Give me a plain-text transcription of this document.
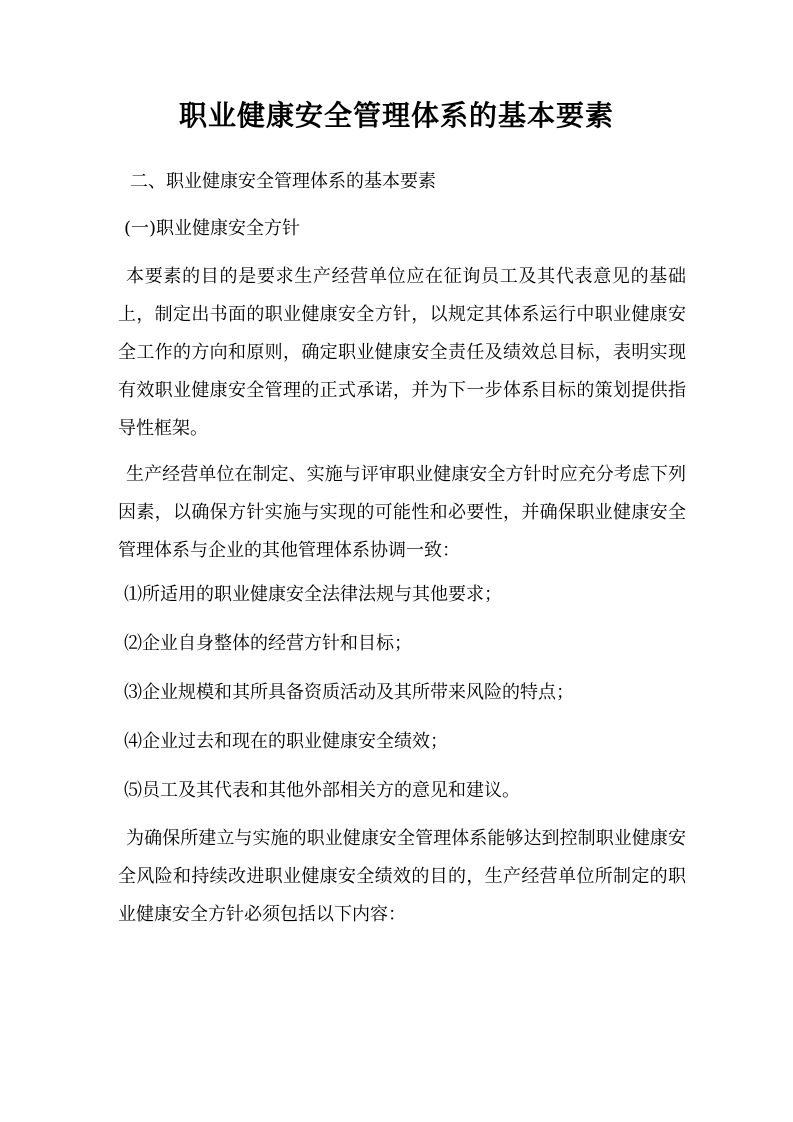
职业健康安全管理体系的基本要素

二、职业健康安全管理体系的基本要素

(一)职业健康安全方针

本要素的目的是要求生产经营单位应在征询员工及其代表意见的基础上，制定出书面的职业健康安全方针，以规定其体系运行中职业健康安全工作的方向和原则，确定职业健康安全责任及绩效总目标，表明实现有效职业健康安全管理的正式承诺，并为下一步体系目标的策划提供指导性框架。

生产经营单位在制定、实施与评审职业健康安全方针时应充分考虑下列因素，以确保方针实施与实现的可能性和必要性，并确保职业健康安全管理体系与企业的其他管理体系协调一致：

⑴所适用的职业健康安全法律法规与其他要求；

⑵企业自身整体的经营方针和目标；

⑶企业规模和其所具备资质活动及其所带来风险的特点；

⑷企业过去和现在的职业健康安全绩效；

⑸员工及其代表和其他外部相关方的意见和建议。

为确保所建立与实施的职业健康安全管理体系能够达到控制职业健康安全风险和持续改进职业健康安全绩效的目的，生产经营单位所制定的职业健康安全方针必须包括以下内容：
